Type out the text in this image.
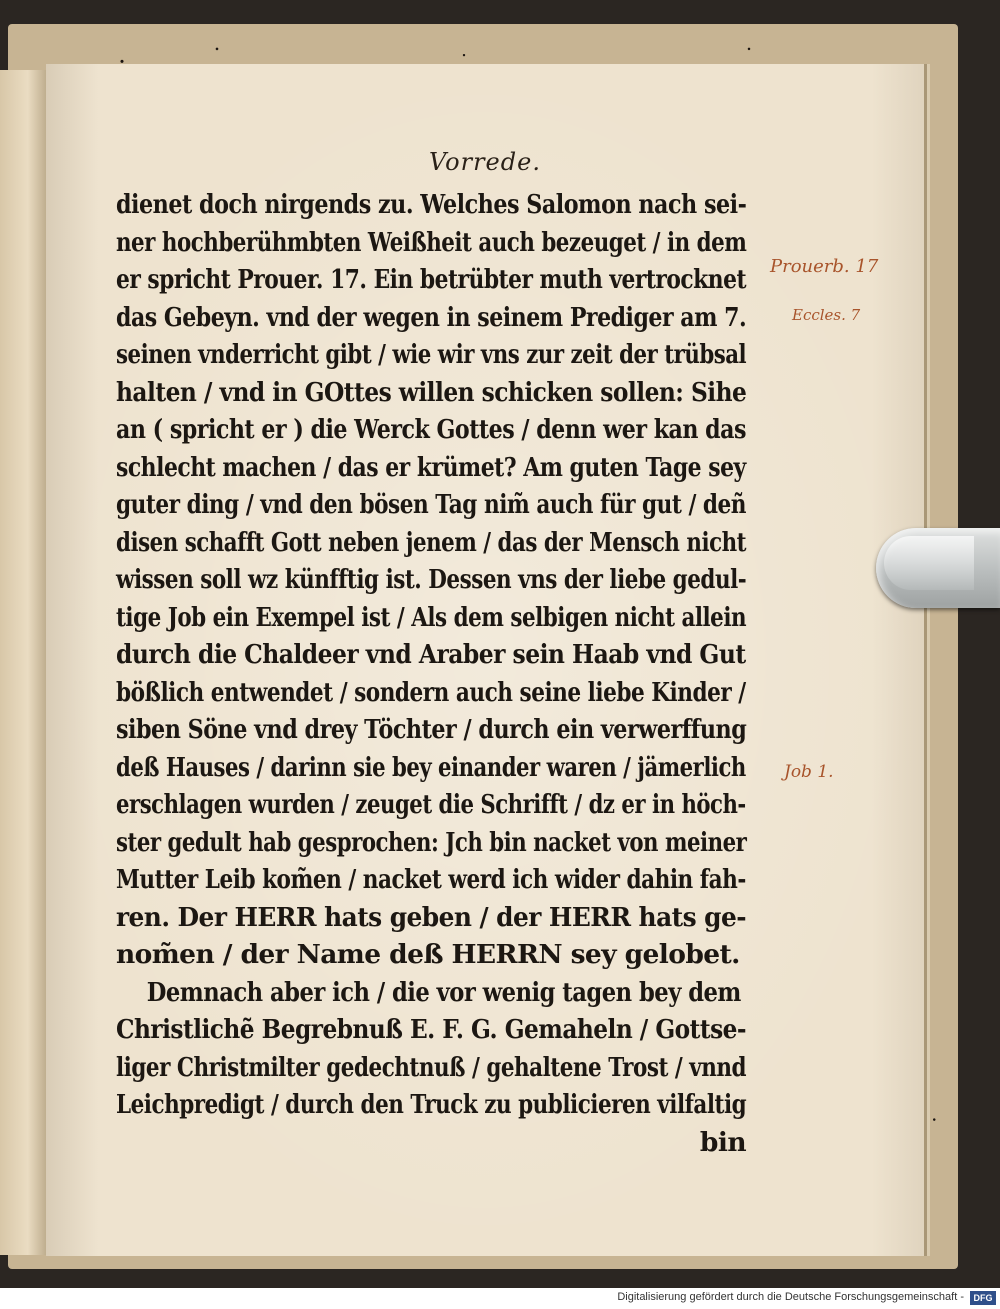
Vorrede.
dienet doch nirgends zu. Welches Salomon nach sei-
ner hochberühmbten Weißheit auch bezeuget / in dem
er spricht Prouer. 17. Ein betrübter muth vertrocknet
das Gebeyn. vnd der wegen in seinem Prediger am 7.
seinen vnderricht gibt / wie wir vns zur zeit der trübsal
halten / vnd in GOttes willen schicken sollen: Sihe
an ( spricht er ) die Werck Gottes / denn wer kan das
schlecht machen / das er krümet? Am guten Tage sey
guter ding / vnd den bösen Tag nim̃ auch für gut / deñ
disen schafft Gott neben jenem / das der Mensch nicht
wissen soll wz künfftig ist. Dessen vns der liebe gedul-
tige Job ein Exempel ist / Als dem selbigen nicht allein
durch die Chaldeer vnd Araber sein Haab vnd Gut
bößlich entwendet / sondern auch seine liebe Kinder /
siben Söne vnd drey Töchter / durch ein verwerffung
deß Hauses / darinn sie bey einander waren / jämerlich
erschlagen wurden / zeuget die Schrifft / dz er in höch-
ster gedult hab gesprochen: Jch bin nacket von meiner
Mutter Leib kom̃en / nacket werd ich wider dahin fah-
ren. Der HERR hats geben / der HERR hats ge-
nom̃en / der Name deß HERRN sey gelobet.
Demnach aber ich / die vor wenig tagen bey dem
Christlichẽ Begrebnuß E. F. G. Gemaheln / Gottse-
liger Christmilter gedechtnuß / gehaltene Trost / vnnd
Leichpredigt / durch den Truck zu publicieren vilfaltig
bin
Prouerb. 17
Eccles. 7
Job 1.
Digitalisierung gefördert durch die Deutsche Forschungsgemeinschaft -	DFG
